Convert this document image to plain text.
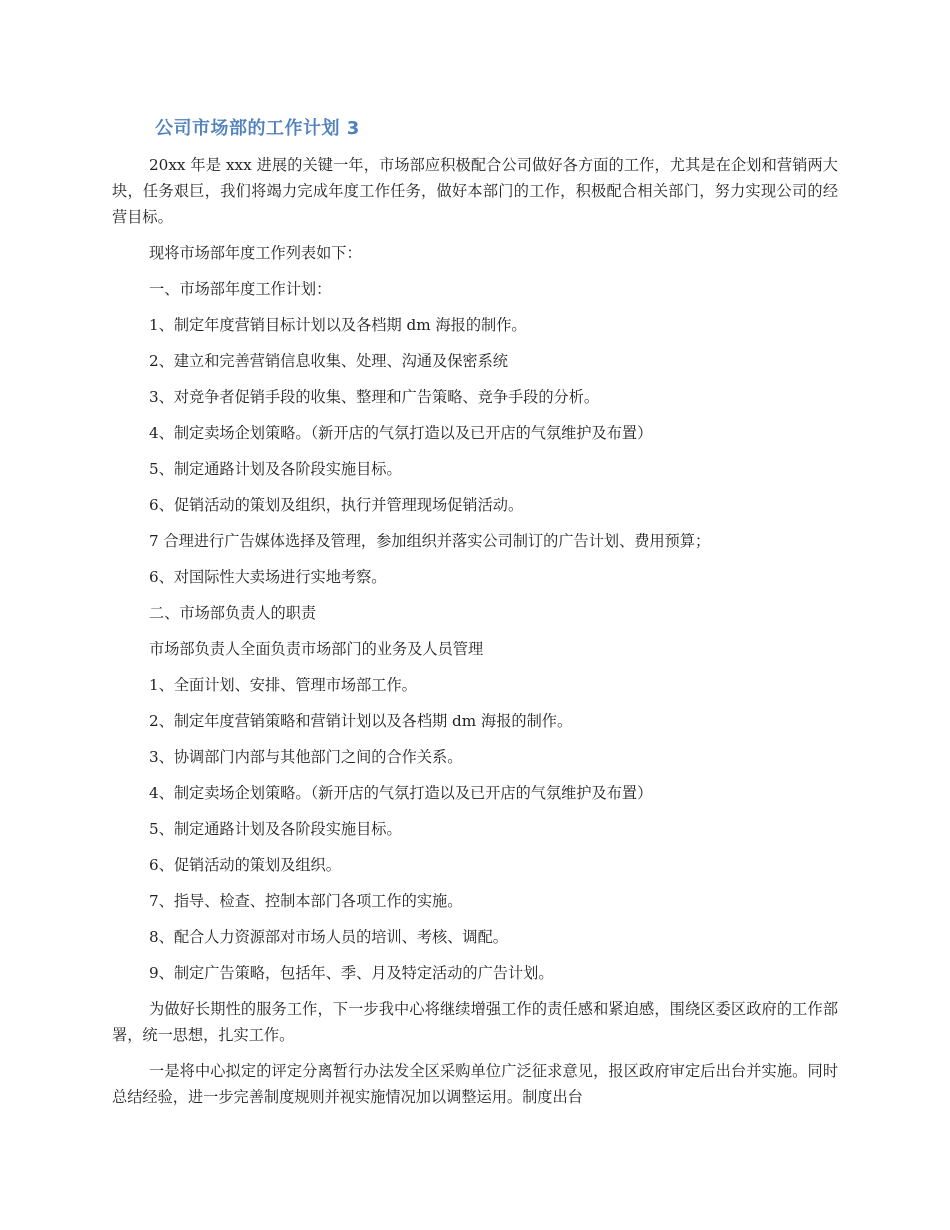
公司市场部的工作计划 3

20xx 年是 xxx 进展的关键一年，市场部应积极配合公司做好各方面的工作，尤其是在企划和营销两大块，任务艰巨，我们将竭力完成年度工作任务，做好本部门的工作，积极配合相关部门，努力实现公司的经营目标。

现将市场部年度工作列表如下：

一、市场部年度工作计划：

1、制定年度营销目标计划以及各档期 dm 海报的制作。

2、建立和完善营销信息收集、处理、沟通及保密系统

3、对竞争者促销手段的收集、整理和广告策略、竞争手段的分析。

4、制定卖场企划策略。（新开店的气氛打造以及已开店的气氛维护及布置）

5、制定通路计划及各阶段实施目标。

6、促销活动的策划及组织，执行并管理现场促销活动。

7 合理进行广告媒体选择及管理，参加组织并落实公司制订的广告计划、费用预算；

6、对国际性大卖场进行实地考察。

二、市场部负责人的职责

市场部负责人全面负责市场部门的业务及人员管理

1、全面计划、安排、管理市场部工作。

2、制定年度营销策略和营销计划以及各档期 dm 海报的制作。

3、协调部门内部与其他部门之间的合作关系。

4、制定卖场企划策略。（新开店的气氛打造以及已开店的气氛维护及布置）

5、制定通路计划及各阶段实施目标。

6、促销活动的策划及组织。

7、指导、检查、控制本部门各项工作的实施。

8、配合人力资源部对市场人员的培训、考核、调配。

9、制定广告策略，包括年、季、月及特定活动的广告计划。

为做好长期性的服务工作，下一步我中心将继续增强工作的责任感和紧迫感，围绕区委区政府的工作部署，统一思想，扎实工作。

一是将中心拟定的评定分离暂行办法发全区采购单位广泛征求意见，报区政府审定后出台并实施。同时总结经验，进一步完善制度规则并视实施情况加以调整运用。制度出台
